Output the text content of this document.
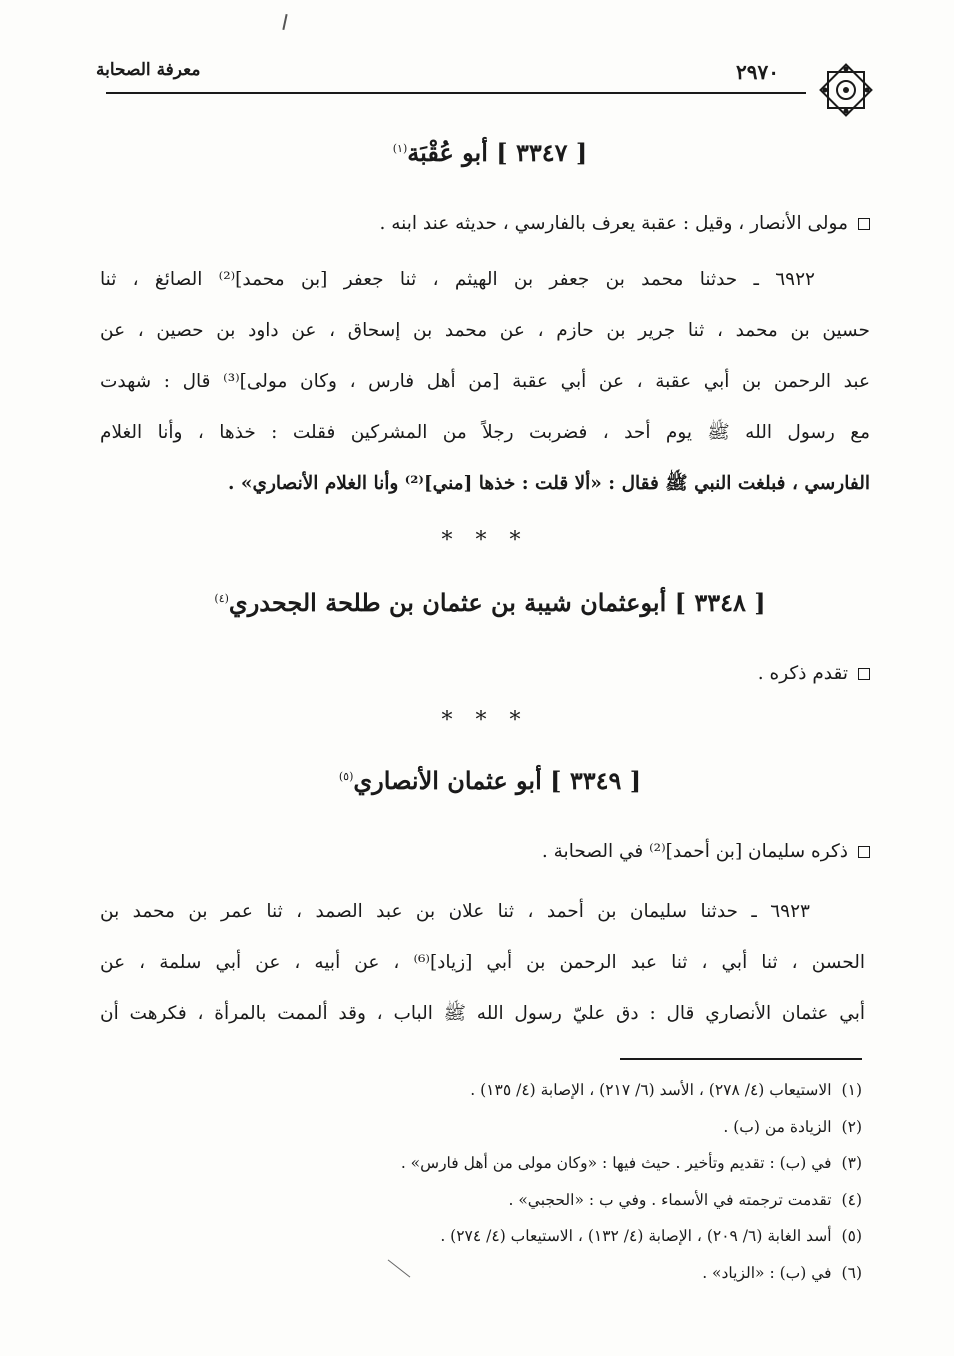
معرفة الصحابة	٢٩٧٠
[ ٣٣٤٧ ] أبو عُقْبَة$^{(١)}$
مولى الأنصار ، وقيل : عقبة يعرف بالفارسي ، حديثه عند ابنه .
٦٩٢٢ ـ حدثنا محمد بن جعفر بن الهيثم ، ثنا جعفر [بن محمد]⁽²⁾ الصائغ ، ثنا
حسين بن محمد ، ثنا جرير بن حازم ، عن محمد بن إسحاق ، عن داود بن حصين ، عن
عبد الرحمن بن أبي عقبة ، عن أبي عقبة [من أهل فارس ، وكان مولى]⁽³⁾ قال : شهدت
مع رسول الله ﷺ يوم أحد ، فضربت رجلاً من المشركين فقلت : خذها ، وأنا الغلام
الفارسي ، فبلغت النبي ﷺ فقال : «ألا قلت : خذها [مني]⁽²⁾ وأنا الغلام الأنصاري» .
* * *
[ ٣٣٤٨ ] أبوعثمان شيبة بن عثمان بن طلحة الجحدري$^{(٤)}$
تقدم ذكره .
* * *
[ ٣٣٤٩ ] أبو عثمان الأنصاري$^{(٥)}$
ذكره سليمان [بن أحمد]⁽²⁾ في الصحابة .
٦٩٢٣ ـ حدثنا سليمان بن أحمد ، ثنا علان بن عبد الصمد ، ثنا عمر بن محمد بن
الحسن ، ثنا أبي ، ثنا عبد الرحمن بن أبي [زياد]⁽⁶⁾ ، عن أبيه ، عن أبي سلمة ، عن
أبي عثمان الأنصاري قال : دق عليّ رسول الله ﷺ الباب ، وقد ألممت بالمرأة ، فكرهت أن
(١)الاستيعاب (٤/ ٢٧٨) ، الأسد (٦/ ٢١٧) ، الإصابة (٤/ ١٣٥) .
(٢)الزيادة من (ب) .
(٣)في (ب) : تقديم وتأخير . حيث فيها : «وكان مولى من أهل فارس» .
(٤)تقدمت ترجمته في الأسماء . وفي ب : «الحجبي» .
(٥)أسد الغابة (٦/ ٢٠٩) ، الإصابة (٤/ ١٣٢) ، الاستيعاب (٤/ ٢٧٤) .
(٦)في (ب) : «الزياد» .
